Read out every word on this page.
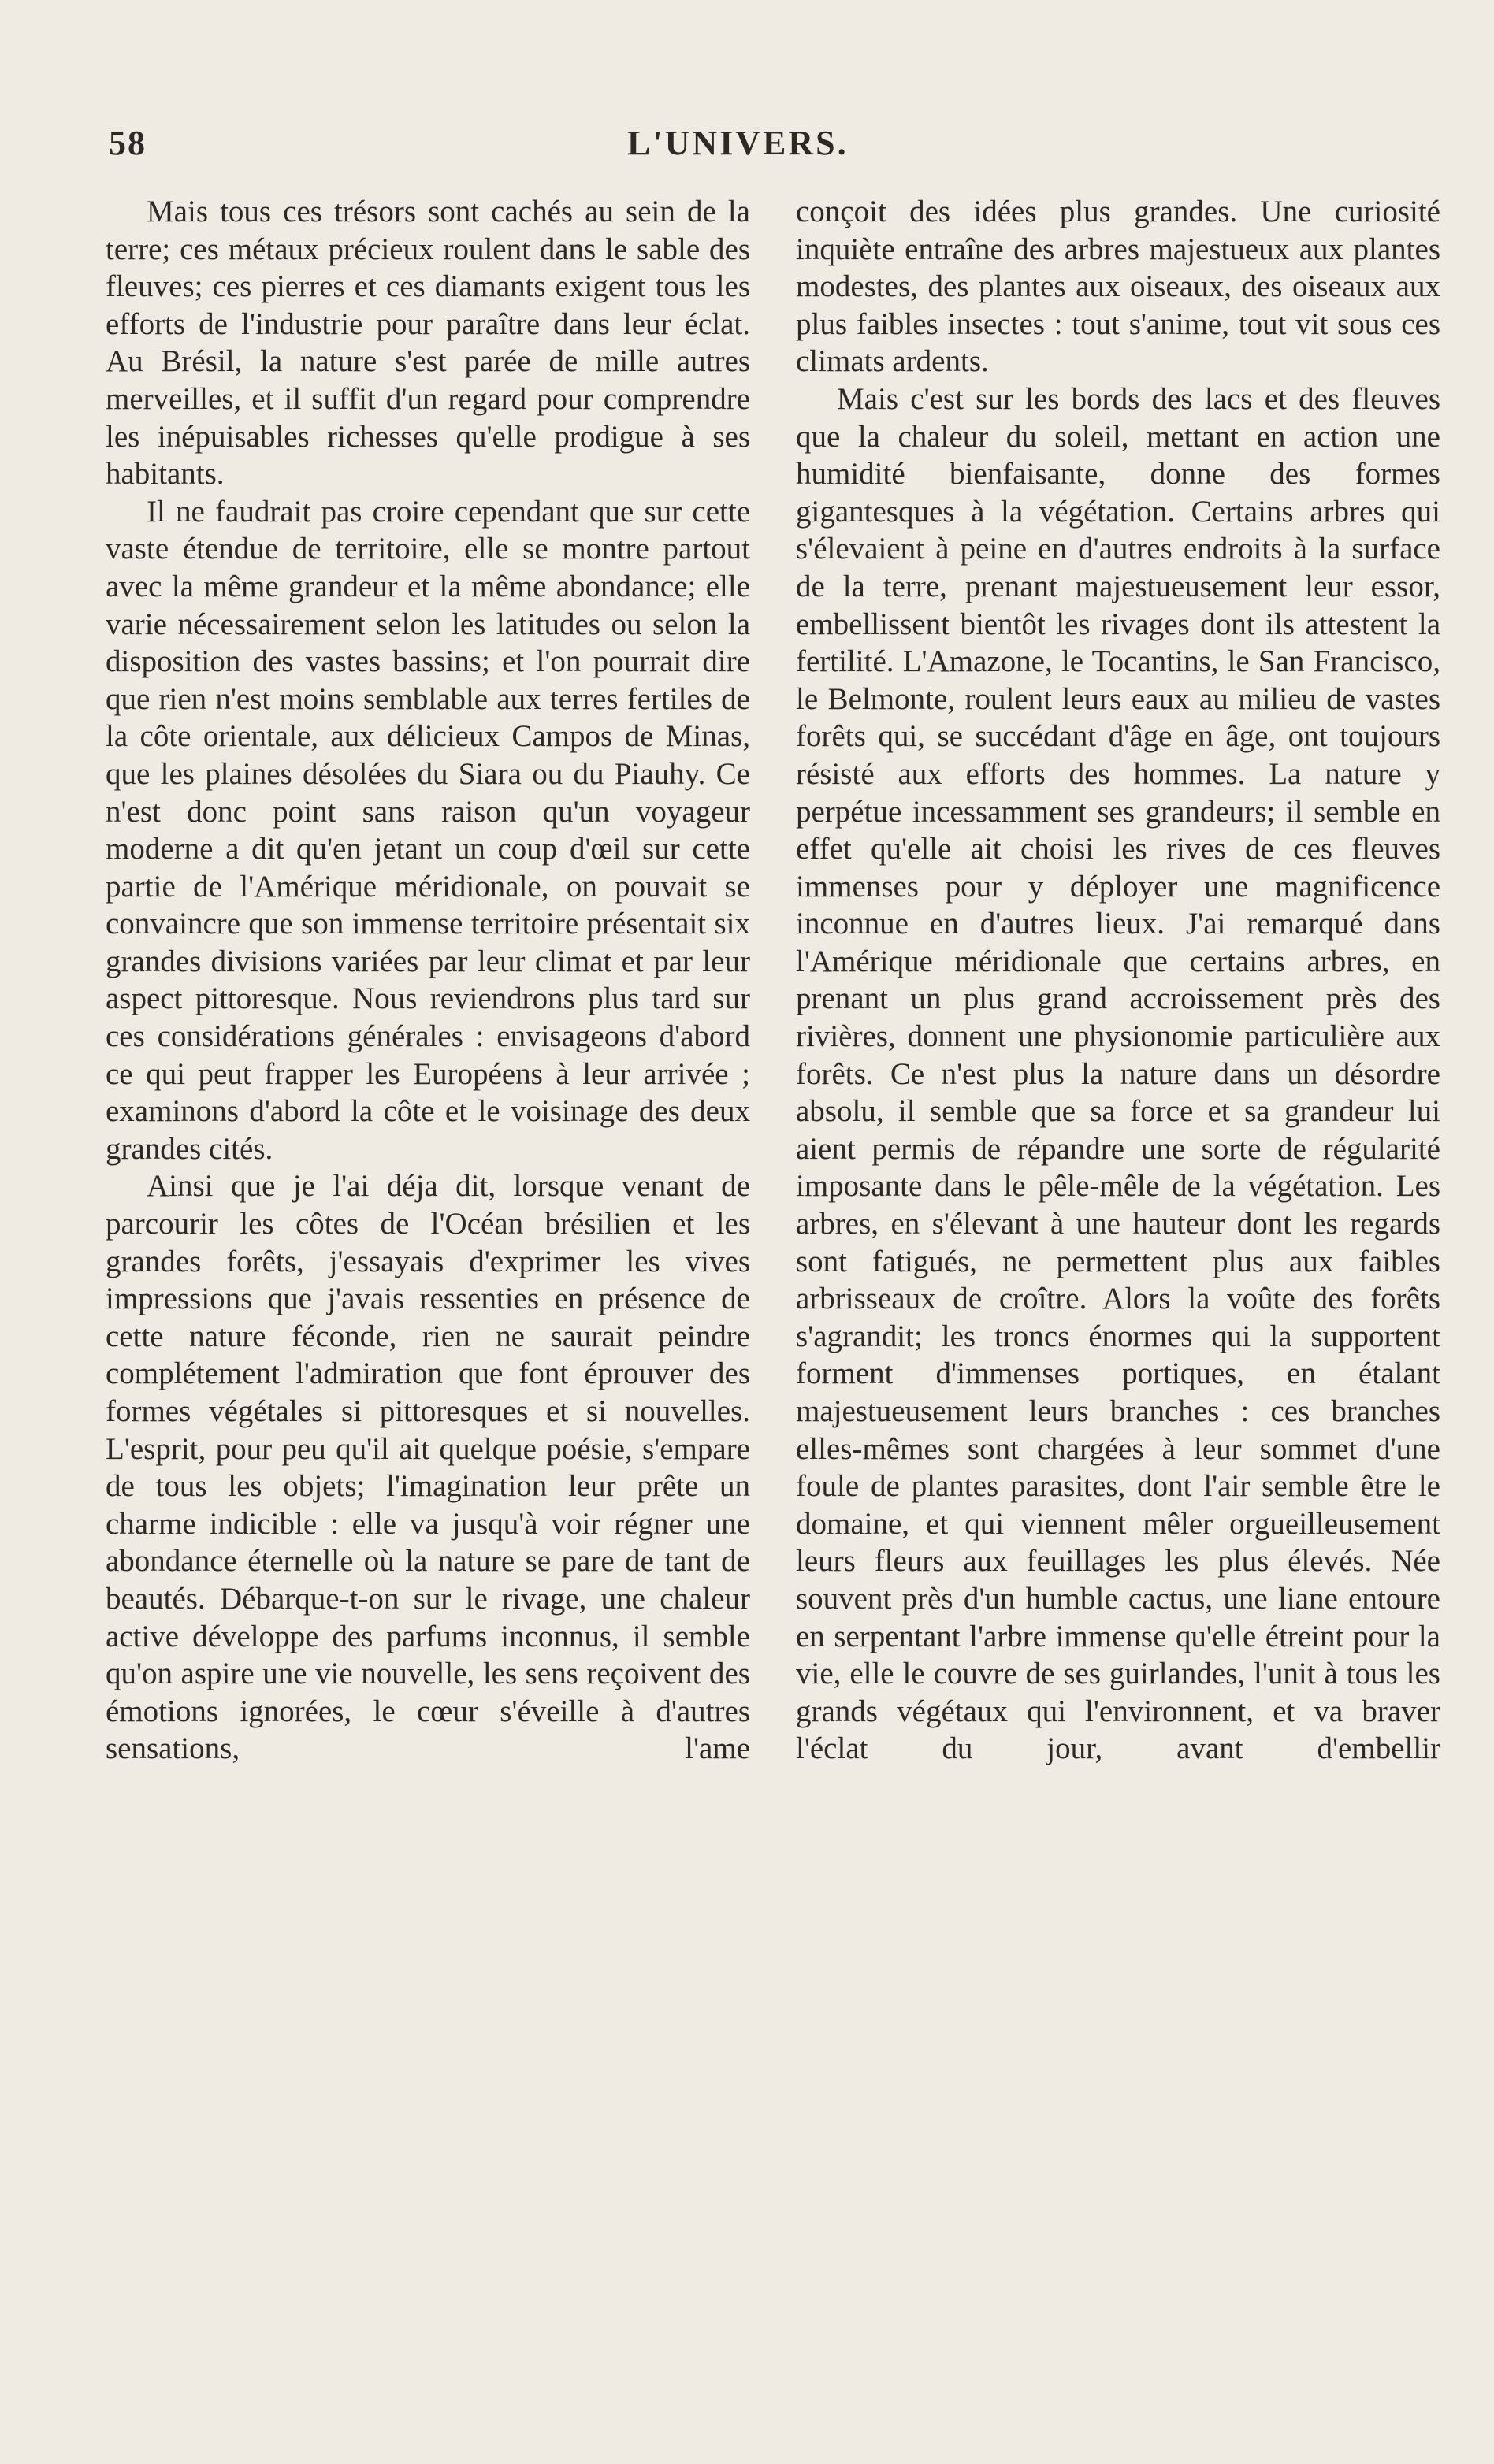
58	L'UNIVERS.

Mais tous ces trésors sont cachés au sein de la terre; ces métaux précieux roulent dans le sable des fleuves; ces pierres et ces diamants exigent tous les efforts de l'industrie pour paraître dans leur éclat. Au Brésil, la nature s'est parée de mille autres merveilles, et il suffit d'un regard pour comprendre les inépuisables richesses qu'elle prodigue à ses habitants.

Il ne faudrait pas croire cependant que sur cette vaste étendue de territoire, elle se montre partout avec la même grandeur et la même abondance; elle varie nécessairement selon les latitudes ou selon la disposition des vastes bassins; et l'on pourrait dire que rien n'est moins semblable aux terres fertiles de la côte orientale, aux délicieux Campos de Minas, que les plaines désolées du Siara ou du Piauhy. Ce n'est donc point sans raison qu'un voyageur moderne a dit qu'en jetant un coup d'œil sur cette partie de l'Amérique méridionale, on pouvait se convaincre que son immense territoire présentait six grandes divisions variées par leur climat et par leur aspect pittoresque. Nous reviendrons plus tard sur ces considérations générales : envisageons d'abord ce qui peut frapper les Européens à leur arrivée ; examinons d'abord la côte et le voisinage des deux grandes cités.

Ainsi que je l'ai déja dit, lorsque venant de parcourir les côtes de l'Océan brésilien et les grandes forêts, j'essayais d'exprimer les vives impressions que j'avais ressenties en présence de cette nature féconde, rien ne saurait peindre complétement l'admiration que font éprouver des formes végétales si pittoresques et si nouvelles. L'esprit, pour peu qu'il ait quelque poésie, s'empare de tous les objets; l'imagination leur prête un charme indicible : elle va jusqu'à voir régner une abondance éternelle où la nature se pare de tant de beautés. Débarque-t-on sur le rivage, une chaleur active développe des parfums inconnus, il semble qu'on aspire une vie nouvelle, les sens reçoivent des émotions ignorées, le cœur s'éveille à d'autres sensations, l'ame

conçoit des idées plus grandes. Une curiosité inquiète entraîne des arbres majestueux aux plantes modestes, des plantes aux oiseaux, des oiseaux aux plus faibles insectes : tout s'anime, tout vit sous ces climats ardents.

Mais c'est sur les bords des lacs et des fleuves que la chaleur du soleil, mettant en action une humidité bienfaisante, donne des formes gigantesques à la végétation. Certains arbres qui s'élevaient à peine en d'autres endroits à la surface de la terre, prenant majestueusement leur essor, embellissent bientôt les rivages dont ils attestent la fertilité. L'Amazone, le Tocantins, le San Francisco, le Belmonte, roulent leurs eaux au milieu de vastes forêts qui, se succédant d'âge en âge, ont toujours résisté aux efforts des hommes. La nature y perpétue incessamment ses grandeurs; il semble en effet qu'elle ait choisi les rives de ces fleuves immenses pour y déployer une magnificence inconnue en d'autres lieux. J'ai remarqué dans l'Amérique méridionale que certains arbres, en prenant un plus grand accroissement près des rivières, donnent une physionomie particulière aux forêts. Ce n'est plus la nature dans un désordre absolu, il semble que sa force et sa grandeur lui aient permis de répandre une sorte de régularité imposante dans le pêle-mêle de la végétation. Les arbres, en s'élevant à une hauteur dont les regards sont fatigués, ne permettent plus aux faibles arbrisseaux de croître. Alors la voûte des forêts s'agrandit; les troncs énormes qui la supportent forment d'immenses portiques, en étalant majestueusement leurs branches : ces branches elles-mêmes sont chargées à leur sommet d'une foule de plantes parasites, dont l'air semble être le domaine, et qui viennent mêler orgueilleusement leurs fleurs aux feuillages les plus élevés. Née souvent près d'un humble cactus, une liane entoure en serpentant l'arbre immense qu'elle étreint pour la vie, elle le couvre de ses guirlandes, l'unit à tous les grands végétaux qui l'environnent, et va braver l'éclat du jour, avant d'embellir
